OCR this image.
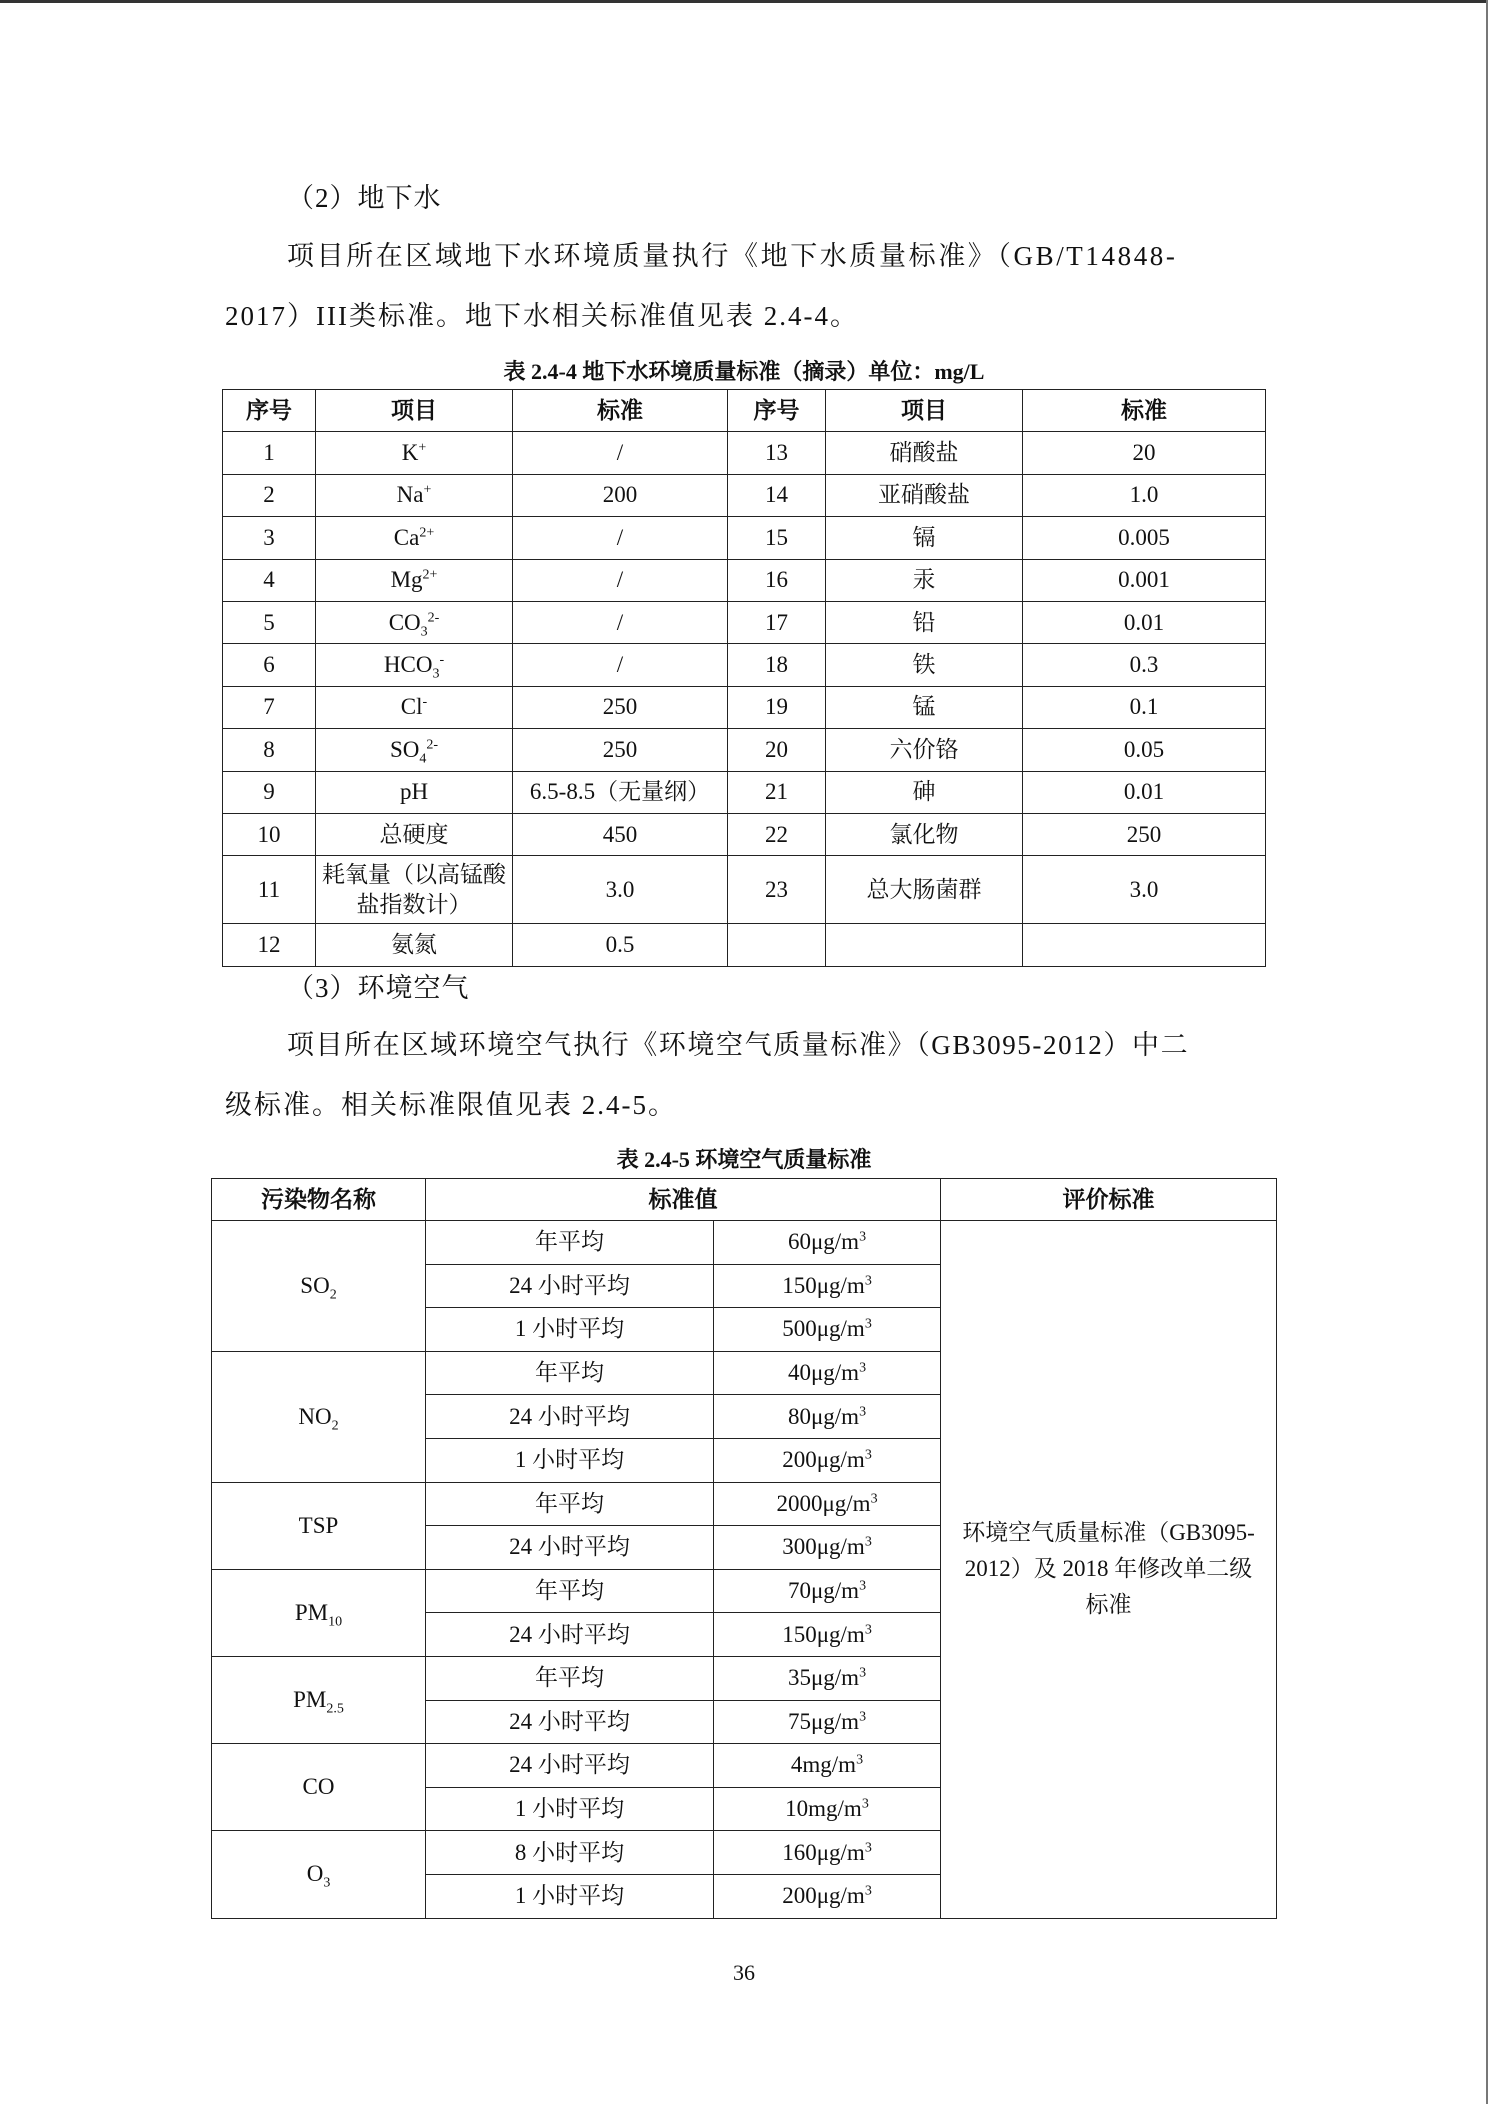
（2）地下水
项目所在区域地下水环境质量执行《地下水质量标准》（GB/T14848-
2017）III类标准。地下水相关标准值见表 2.4-4。
表 2.4-4 地下水环境质量标准（摘录）单位：mg/L
序号	项目	标准	序号	项目	标准
1	K+	/	13	硝酸盐	20
2	Na+	200	14	亚硝酸盐	1.0
3	$Ca^{2+}$	/	15	镉	0.005
4	$Mg^{2+}$	/	16	汞	0.001
5	$CO_3^{2-}$	/	17	铅	0.01
6	$HCO_3^-$	/	18	铁	0.3
7	Cl-	250	19	锰	0.1
8	$SO_4^{2-}$	250	20	六价铬	0.05
9	pH	6.5-8.5（无量纲）	21	砷	0.01
10	总硬度	450	22	氯化物	250
11	耗氧量（以高锰酸盐指数计）	3.0	23	总大肠菌群	3.0
12	氨氮	0.5			
（3）环境空气
项目所在区域环境空气执行《环境空气质量标准》（GB3095-2012）中二
级标准。相关标准限值见表 2.4-5。
表 2.4-5 环境空气质量标准
污染物名称	标准值		评价标准
$SO_2$	年平均	$60\mu g/m^3$	环境空气质量标准（GB3095-2012）及 2018 年修改单二级标准
	24 小时平均	$150\mu g/m^3$
	1 小时平均	$500\mu g/m^3$
$NO_2$	年平均	$40\mu g/m^3$
	24 小时平均	$80\mu g/m^3$
	1 小时平均	$200\mu g/m^3$
TSP	年平均	$2000\mu g/m^3$
	24 小时平均	$300\mu g/m^3$
$PM_{10}$	年平均	$70\mu g/m^3$
	24 小时平均	$150\mu g/m^3$
$PM_{2.5}$	年平均	$35\mu g/m^3$
	24 小时平均	$75\mu g/m^3$
CO	24 小时平均	$4mg/m^3$
	1 小时平均	$10mg/m^3$
$O_3$	8 小时平均	$160\mu g/m^3$
	1 小时平均	$200\mu g/m^3$
36
